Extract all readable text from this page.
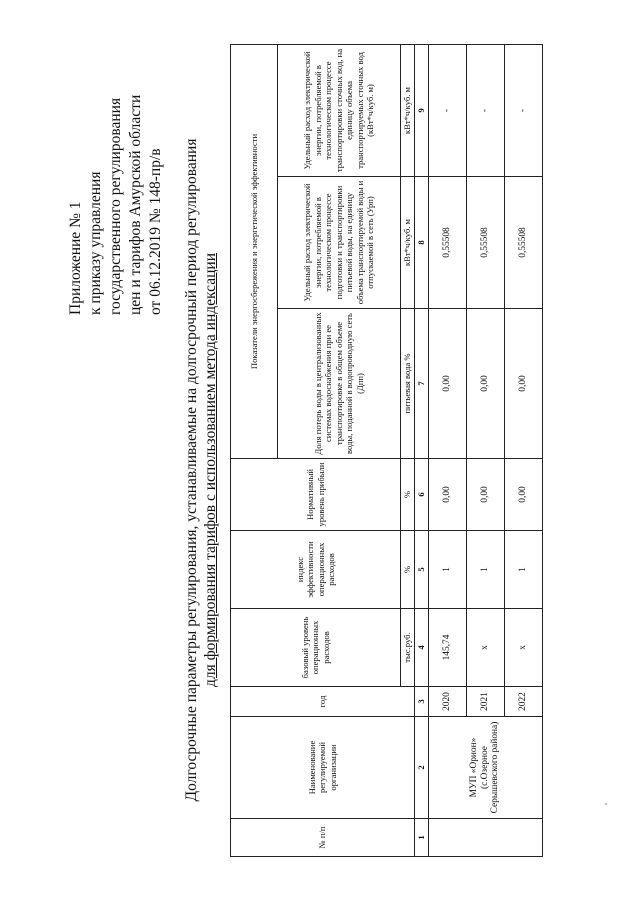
Приложение № 1 к приказу управления государственного регулирования цен и тарифов Амурской области от 06.12.2019 № 148-пр/в Долгосрочные параметры регулирования, устанавливаемые на долгосрочный период регулирования для формирования тарифов с использованием метода индексации
№ п/п	Наименование регулируемой организации	год	базовый уровень операционных расходов	индекс эффективности операционных расходов	Нормативный уровень прибыли	Показатели энергосбережения и энергетической эффективности		
						Доля потерь воды в централизованных системах водоснабжения при ее транспортировке в общем объеме воды, поданной в водопроводную сеть (Дпп)	Удельный расход электрической энергии, потребляемой в технологическом процессе подготовки и транспортировки питьевой воды, на единицу объема транспортируемой воды и отпускаемой в сеть (Урп)	Удельный расход электрической энергии, потребляемой в технологическом процессе транспортировки сточных вод, на единицу объема транспортируемых сточных вод (кВт*ч/куб. м)
			тыс.руб.	%	%	питьевая вода %	кВт*ч/куб. м	кВт*ч/куб. м
1	2	3	4	5	6	7	8	9
	МУП «Орион» (с.Озерное Серышевского района)	2020	145,74	1	0,00	0,00	0,55508	-
		2021	х	1	0,00	0,00	0,55508	-
		2022	х	1	0,00	0,00	0,55508	-
